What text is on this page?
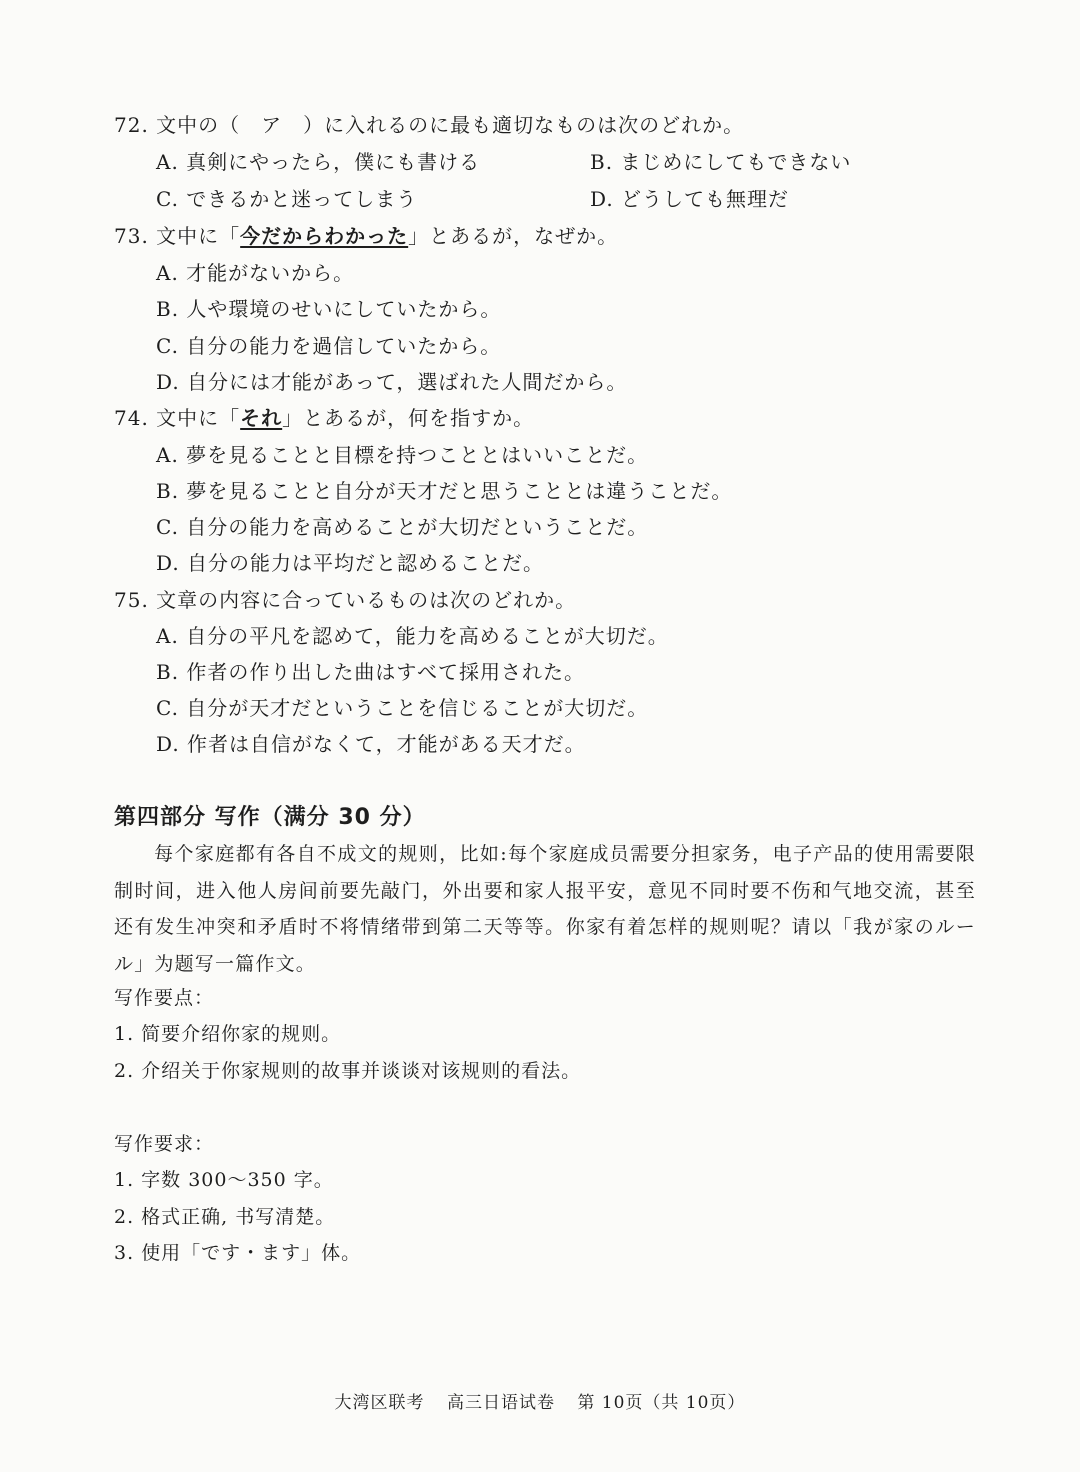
72. 文中の（　ア　）に入れるのに最も適切なものは次のどれか。
A. 真剣にやったら，僕にも書ける	B. まじめにしてもできない
C. できるかと迷ってしまう	D. どうしても無理だ
73. 文中に「今だからわかった」とあるが，なぜか。
A. 才能がないから。
B. 人や環境のせいにしていたから。
C. 自分の能力を過信していたから。
D. 自分には才能があって，選ばれた人間だから。
74. 文中に「それ」とあるが，何を指すか。
A. 夢を見ることと目標を持つこととはいいことだ。
B. 夢を見ることと自分が天才だと思うこととは違うことだ。
C. 自分の能力を高めることが大切だということだ。
D. 自分の能力は平均だと認めることだ。
75. 文章の内容に合っているものは次のどれか。
A. 自分の平凡を認めて，能力を高めることが大切だ。
B. 作者の作り出した曲はすべて採用された。
C. 自分が天才だということを信じることが大切だ。
D. 作者は自信がなくて，才能がある天才だ。
第四部分 写作（满分 30 分）
每个家庭都有各自不成文的规则，比如:每个家庭成员需要分担家务，电子产品的使用需要限制时间，进入他人房间前要先敲门，外出要和家人报平安，意见不同时要不伤和气地交流，甚至还有发生冲突和矛盾时不将情绪带到第二天等等。你家有着怎样的规则呢？请以「我が家のルール」为题写一篇作文。
写作要点：
1. 简要介绍你家的规则。
2. 介绍关于你家规则的故事并谈谈对该规则的看法。
写作要求：
1. 字数 300～350 字。
2. 格式正确, 书写清楚。
3. 使用「です・ます」体。
大湾区联考 高三日语试卷 第 10页（共 10页）
